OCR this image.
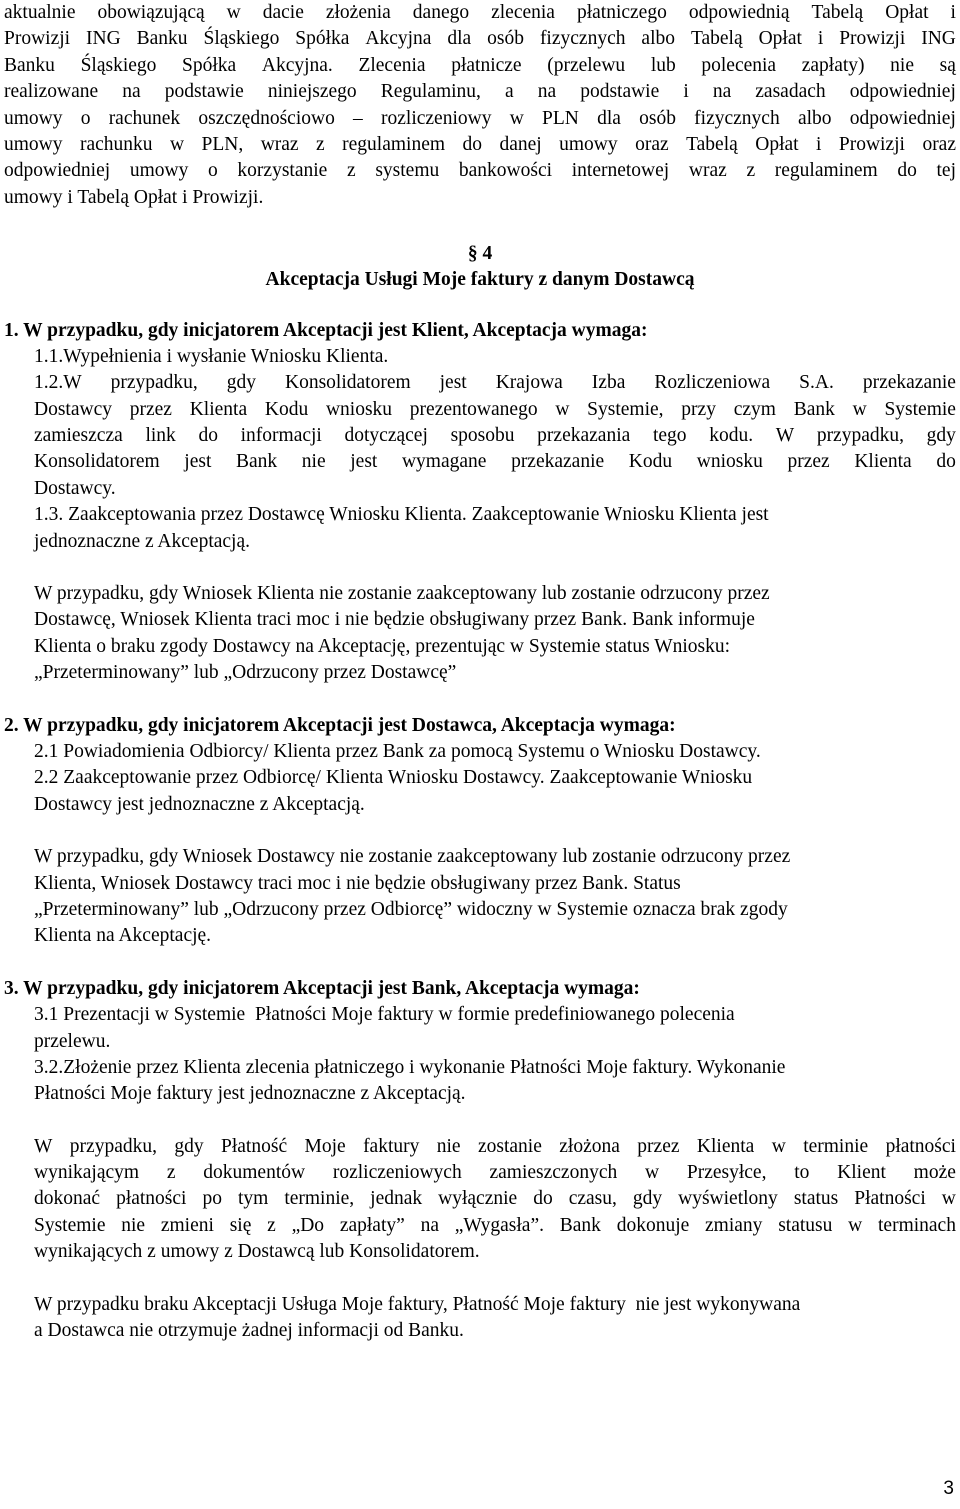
aktualnie obowiązującą w dacie złożenia danego zlecenia płatniczego odpowiednią Tabelą Opłat i
Prowizji ING Banku Śląskiego Spółka Akcyjna dla osób fizycznych albo Tabelą Opłat i Prowizji ING
Banku Śląskiego Spółka Akcyjna. Zlecenia płatnicze (przelewu lub polecenia zapłaty) nie są
realizowane na podstawie niniejszego Regulaminu, a na podstawie i na zasadach odpowiedniej
umowy o rachunek oszczędnościowo – rozliczeniowy w PLN dla osób fizycznych albo odpowiedniej
umowy rachunku w PLN, wraz z regulaminem do danej umowy oraz Tabelą Opłat i Prowizji oraz
odpowiedniej umowy o korzystanie z systemu bankowości internetowej wraz z regulaminem do tej
umowy i Tabelą Opłat i Prowizji.
§ 4
Akceptacja Usługi Moje faktury z danym Dostawcą
1. W przypadku, gdy inicjatorem Akceptacji jest Klient, Akceptacja wymaga:
1.1.Wypełnienia i wysłanie Wniosku Klienta.
1.2.W przypadku, gdy Konsolidatorem jest Krajowa Izba Rozliczeniowa S.A. przekazanie
Dostawcy przez Klienta Kodu wniosku prezentowanego w Systemie, przy czym Bank w Systemie
zamieszcza link do informacji dotyczącej sposobu przekazania tego kodu. W przypadku, gdy
Konsolidatorem jest Bank nie jest wymagane przekazanie Kodu wniosku przez Klienta do
Dostawcy.
1.3. Zaakceptowania przez Dostawcę Wniosku Klienta. Zaakceptowanie Wniosku Klienta jest
jednoznaczne z Akceptacją.
W przypadku, gdy Wniosek Klienta nie zostanie zaakceptowany lub zostanie odrzucony przez
Dostawcę, Wniosek Klienta traci moc i nie będzie obsługiwany przez Bank. Bank informuje
Klienta o braku zgody Dostawcy na Akceptację, prezentując w Systemie status Wniosku:
„Przeterminowany” lub „Odrzucony przez Dostawcę”
2. W przypadku, gdy inicjatorem Akceptacji jest Dostawca, Akceptacja wymaga:
2.1 Powiadomienia Odbiorcy/ Klienta przez Bank za pomocą Systemu o Wniosku Dostawcy.
2.2 Zaakceptowanie przez Odbiorcę/ Klienta Wniosku Dostawcy. Zaakceptowanie Wniosku
Dostawcy jest jednoznaczne z Akceptacją.
W przypadku, gdy Wniosek Dostawcy nie zostanie zaakceptowany lub zostanie odrzucony przez
Klienta, Wniosek Dostawcy traci moc i nie będzie obsługiwany przez Bank. Status
„Przeterminowany” lub „Odrzucony przez Odbiorcę” widoczny w Systemie oznacza brak zgody
Klienta na Akceptację.
3. W przypadku, gdy inicjatorem Akceptacji jest Bank, Akceptacja wymaga:
3.1 Prezentacji w Systemie  Płatności Moje faktury w formie predefiniowanego polecenia
przelewu.
3.2.Złożenie przez Klienta zlecenia płatniczego i wykonanie Płatności Moje faktury. Wykonanie
Płatności Moje faktury jest jednoznaczne z Akceptacją.
W przypadku, gdy Płatność Moje faktury nie zostanie złożona przez Klienta w terminie płatności
wynikającym z dokumentów rozliczeniowych zamieszczonych w Przesyłce, to Klient może
dokonać płatności po tym terminie, jednak wyłącznie do czasu, gdy wyświetlony status Płatności w
Systemie nie zmieni się z „Do zapłaty” na „Wygasła”. Bank dokonuje zmiany statusu w terminach
wynikających z umowy z Dostawcą lub Konsolidatorem.
W przypadku braku Akceptacji Usługa Moje faktury, Płatność Moje faktury  nie jest wykonywana
a Dostawca nie otrzymuje żadnej informacji od Banku.
3
